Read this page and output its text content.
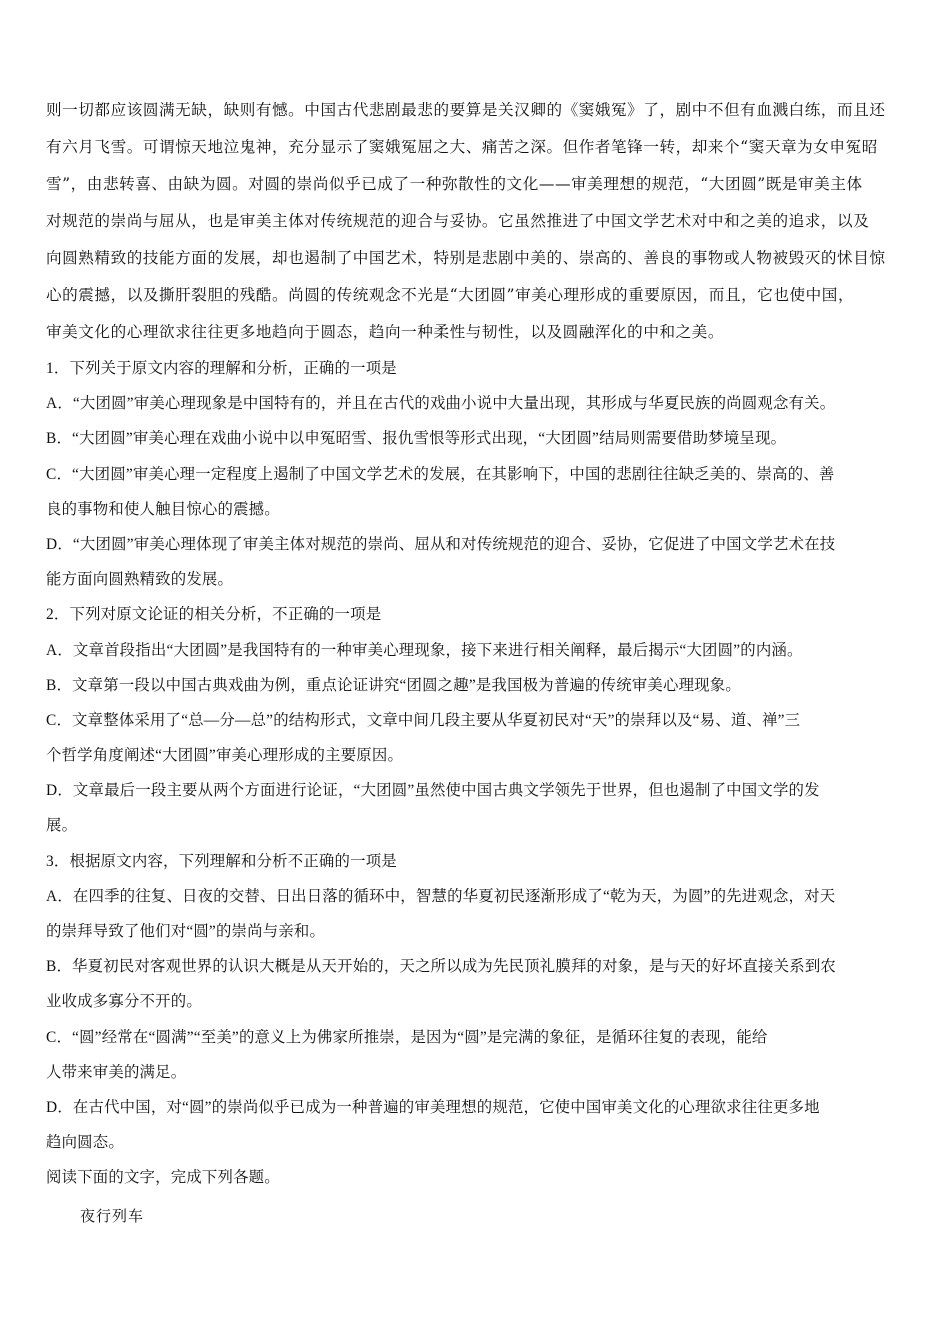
则一切都应该圆满无缺，缺则有憾。中国古代悲剧最悲的要算是关汉卿的《窦娥冤》了，剧中不但有血溅白练，而且还
有六月飞雪。可谓惊天地泣鬼神，充分显示了窦娥冤屈之大、痛苦之深。但作者笔锋一转，却来个“窦天章为女申冤昭
雪”，由悲转喜、由缺为圆。对圆的崇尚似乎已成了一种弥散性的文化——审美理想的规范，“大团圆”既是审美主体
对规范的崇尚与屈从，也是审美主体对传统规范的迎合与妥协。它虽然推进了中国文学艺术对中和之美的追求，以及
向圆熟精致的技能方面的发展，却也遏制了中国艺术，特别是悲剧中美的、崇高的、善良的事物或人物被毁灭的怵目惊
心的震撼，以及撕肝裂胆的残酷。尚圆的传统观念不光是“大团圆”审美心理形成的重要原因，而且，它也使中国，
审美文化的心理欲求往往更多地趋向于圆态，趋向一种柔性与韧性，以及圆融浑化的中和之美。
1．下列关于原文内容的理解和分析，正确的一项是
A．“大团圆”审美心理现象是中国特有的，并且在古代的戏曲小说中大量出现，其形成与华夏民族的尚圆观念有关。
B．“大团圆”审美心理在戏曲小说中以申冤昭雪、报仇雪恨等形式出现，“大团圆”结局则需要借助梦境呈现。
C．“大团圆”审美心理一定程度上遏制了中国文学艺术的发展，在其影响下，中国的悲剧往往缺乏美的、崇高的、善
良的事物和使人触目惊心的震撼。
D．“大团圆”审美心理体现了审美主体对规范的崇尚、屈从和对传统规范的迎合、妥协，它促进了中国文学艺术在技
能方面向圆熟精致的发展。
2．下列对原文论证的相关分析，不正确的一项是
A．文章首段指出“大团圆”是我国特有的一种审美心理现象，接下来进行相关阐释，最后揭示“大团圆”的内涵。
B．文章第一段以中国古典戏曲为例，重点论证讲究“团圆之趣”是我国极为普遍的传统审美心理现象。
C．文章整体采用了“总—分—总”的结构形式，文章中间几段主要从华夏初民对“天”的崇拜以及“易、道、禅”三
个哲学角度阐述“大团圆”审美心理形成的主要原因。
D．文章最后一段主要从两个方面进行论证，“大团圆”虽然使中国古典文学领先于世界，但也遏制了中国文学的发
展。
3．根据原文内容，下列理解和分析不正确的一项是
A．在四季的往复、日夜的交替、日出日落的循环中，智慧的华夏初民逐渐形成了“乾为天，为圆”的先进观念，对天
的崇拜导致了他们对“圆”的崇尚与亲和。
B．华夏初民对客观世界的认识大概是从天开始的，天之所以成为先民顶礼膜拜的对象，是与天的好坏直接关系到农
业收成多寡分不开的。
C．“圆”经常在“圆满”“至美”的意义上为佛家所推崇，是因为“圆”是完满的象征，是循环往复的表现，能给
人带来审美的满足。
D．在古代中国，对“圆”的崇尚似乎已成为一种普遍的审美理想的规范，它使中国审美文化的心理欲求往往更多地
趋向圆态。
阅读下面的文字，完成下列各题。
夜行列车
